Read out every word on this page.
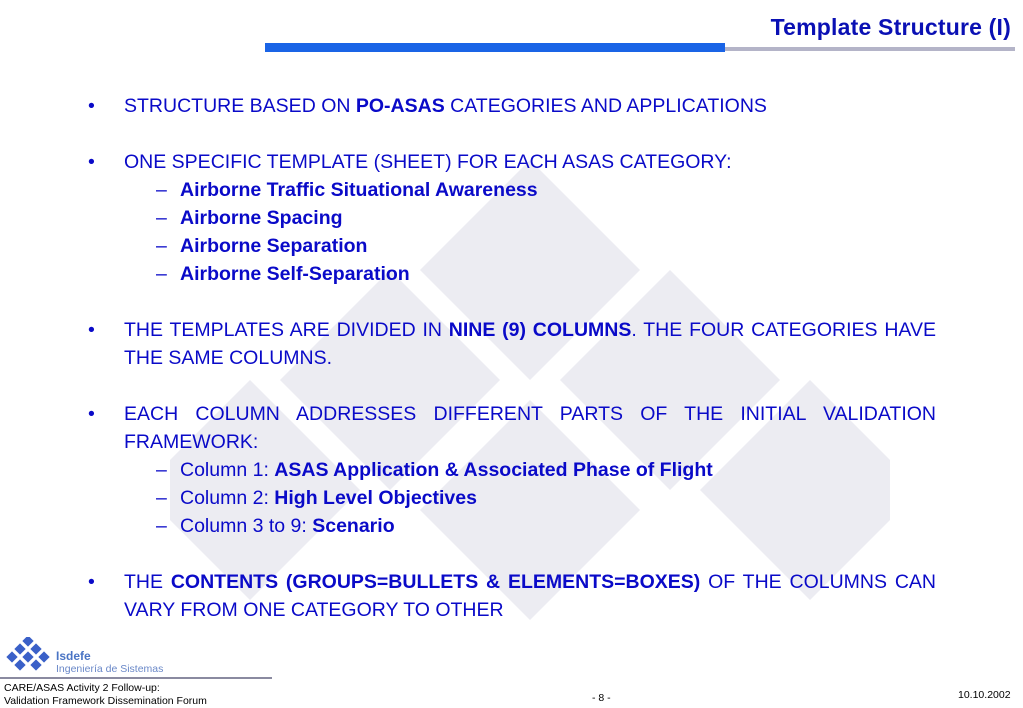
Template Structure (I)
• STRUCTURE BASED ON PO-ASAS CATEGORIES AND APPLICATIONS
• ONE SPECIFIC TEMPLATE (SHEET) FOR EACH ASAS CATEGORY:
– Airborne Traffic Situational Awareness
– Airborne Spacing
– Airborne Separation
– Airborne Self-Separation
• THE TEMPLATES ARE DIVIDED IN NINE (9) COLUMNS. THE FOUR CATEGORIES HAVE THE SAME COLUMNS.
• EACH COLUMN ADDRESSES DIFFERENT PARTS OF THE INITIAL VALIDATION FRAMEWORK:
– Column 1: ASAS Application & Associated Phase of Flight
– Column 2: High Level Objectives
– Column 3 to 9: Scenario
• THE CONTENTS (GROUPS=BULLETS & ELEMENTS=BOXES) OF THE COLUMNS CAN VARY FROM ONE CATEGORY TO OTHER
Isdefe
Ingeniería de Sistemas
CARE/ASAS Activity 2 Follow-up:
Validation Framework Dissemination Forum	- 8 -	10.10.2002
